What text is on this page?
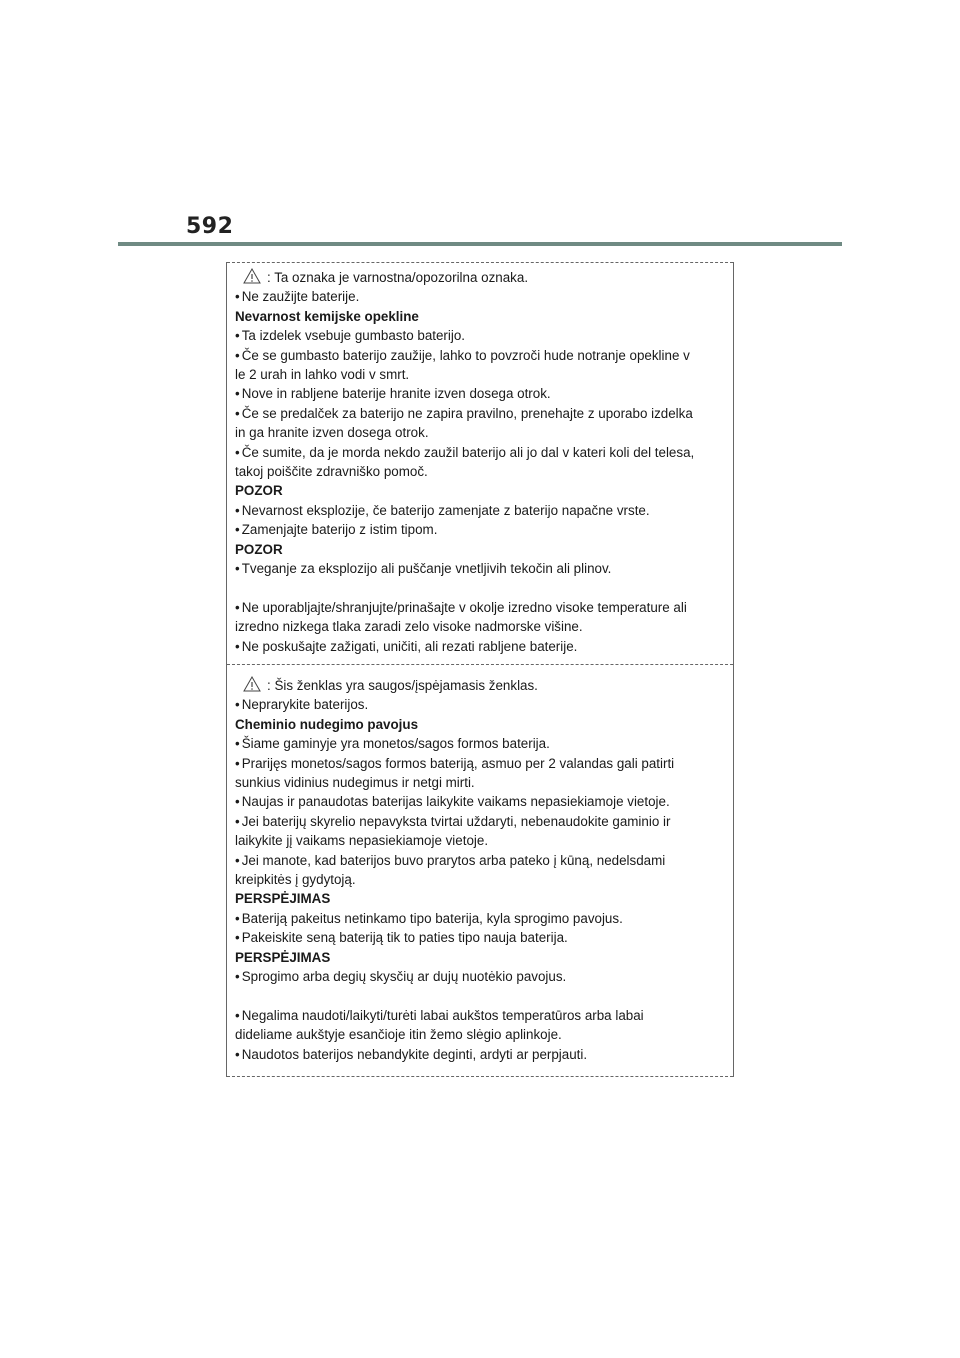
592
: Ta oznaka je varnostna/opozorilna oznaka.
• Ne zaužijte baterije.
Nevarnost kemijske opekline
• Ta izdelek vsebuje gumbasto baterijo.
• Če se gumbasto baterijo zaužije, lahko to povzroči hude notranje opekline v
le 2 urah in lahko vodi v smrt.
• Nove in rabljene baterije hranite izven dosega otrok.
• Če se predalček za baterijo ne zapira pravilno, prenehajte z uporabo izdelka
in ga hranite izven dosega otrok.
• Če sumite, da je morda nekdo zaužil baterijo ali jo dal v kateri koli del telesa,
takoj poiščite zdravniško pomoč.
POZOR
• Nevarnost eksplozije, če baterijo zamenjate z baterijo napačne vrste.
• Zamenjajte baterijo z istim tipom.
POZOR
• Tveganje za eksplozijo ali puščanje vnetljivih tekočin ali plinov.
• Ne uporabljajte/shranjujte/prinašajte v okolje izredno visoke temperature ali
izredno nizkega tlaka zaradi zelo visoke nadmorske višine.
• Ne poskušajte zažigati, uničiti, ali rezati rabljene baterije.
: Šis ženklas yra saugos/įspėjamasis ženklas.
• Neprarykite baterijos.
Cheminio nudegimo pavojus
• Šiame gaminyje yra monetos/sagos formos baterija.
• Prarijęs monetos/sagos formos bateriją, asmuo per 2 valandas gali patirti
sunkius vidinius nudegimus ir netgi mirti.
• Naujas ir panaudotas baterijas laikykite vaikams nepasiekiamoje vietoje.
• Jei baterijų skyrelio nepavyksta tvirtai uždaryti, nebenaudokite gaminio ir
laikykite jį vaikams nepasiekiamoje vietoje.
• Jei manote, kad baterijos buvo prarytos arba pateko į kūną, nedelsdami
kreipkitės į gydytoją.
PERSPĖJIMAS
• Bateriją pakeitus netinkamo tipo baterija, kyla sprogimo pavojus.
• Pakeiskite seną bateriją tik to paties tipo nauja baterija.
PERSPĖJIMAS
• Sprogimo arba degių skysčių ar dujų nuotėkio pavojus.
• Negalima naudoti/laikyti/turėti labai aukštos temperatūros arba labai
dideliame aukštyje esančioje itin žemo slėgio aplinkoje.
• Naudotos baterijos nebandykite deginti, ardyti ar perpjauti.
